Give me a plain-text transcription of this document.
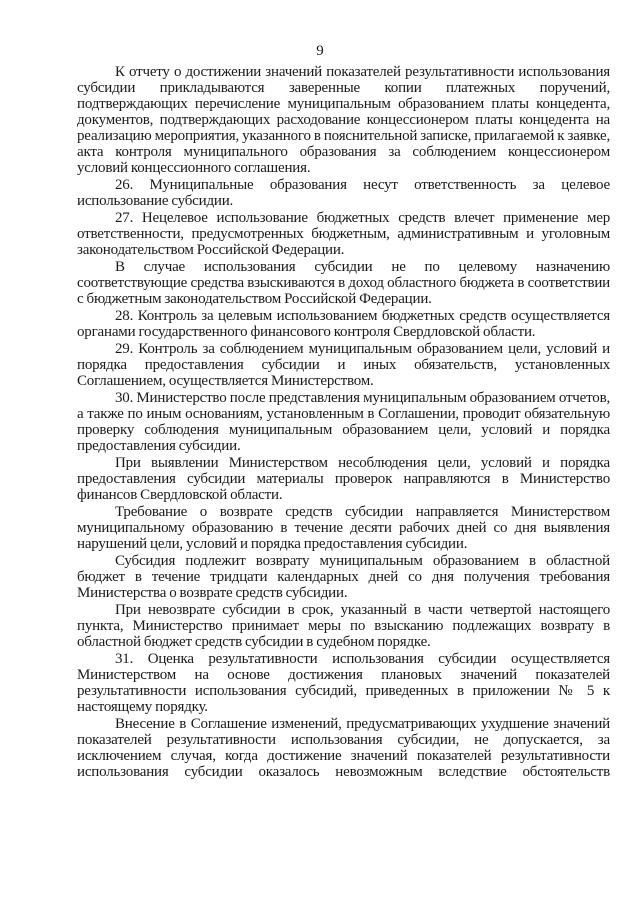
9

К отчету о достижении значений показателей результативности использования субсидии прикладываются заверенные копии платежных поручений, подтверждающих перечисление муниципальным образованием платы концедента, документов, подтверждающих расходование концессионером платы концедента на реализацию мероприятия, указанного в пояснительной записке, прилагаемой к заявке, акта контроля муниципального образования за соблюдением концессионером условий концессионного соглашения.

26. Муниципальные образования несут ответственность за целевое использование субсидии.

27. Нецелевое использование бюджетных средств влечет применение мер ответственности, предусмотренных бюджетным, административным и уголовным законодательством Российской Федерации.

В случае использования субсидии не по целевому назначению соответствующие средства взыскиваются в доход областного бюджета в соответствии с бюджетным законодательством Российской Федерации.

28. Контроль за целевым использованием бюджетных средств осуществляется органами государственного финансового контроля Свердловской области.

29. Контроль за соблюдением муниципальным образованием цели, условий и порядка предоставления субсидии и иных обязательств, установленных Соглашением, осуществляется Министерством.

30. Министерство после представления муниципальным образованием отчетов, а также по иным основаниям, установленным в Соглашении, проводит обязательную проверку соблюдения муниципальным образованием цели, условий и порядка предоставления субсидии.

При выявлении Министерством несоблюдения цели, условий и порядка предоставления субсидии материалы проверок направляются в Министерство финансов Свердловской области.

Требование о возврате средств субсидии направляется Министерством муниципальному образованию в течение десяти рабочих дней со дня выявления нарушений цели, условий и порядка предоставления субсидии.

Субсидия подлежит возврату муниципальным образованием в областной бюджет в течение тридцати календарных дней со дня получения требования Министерства о возврате средств субсидии.

При невозврате субсидии в срок, указанный в части четвертой настоящего пункта, Министерство принимает меры по взысканию подлежащих возврату в областной бюджет средств субсидии в судебном порядке.

31. Оценка результативности использования субсидии осуществляется Министерством на основе достижения плановых значений показателей результативности использования субсидий, приведенных в приложении № 5 к настоящему порядку.

Внесение в Соглашение изменений, предусматривающих ухудшение значений показателей результативности использования субсидии, не допускается, за исключением случая, когда достижение значений показателей результативности использования субсидии оказалось невозможным вследствие обстоятельств
